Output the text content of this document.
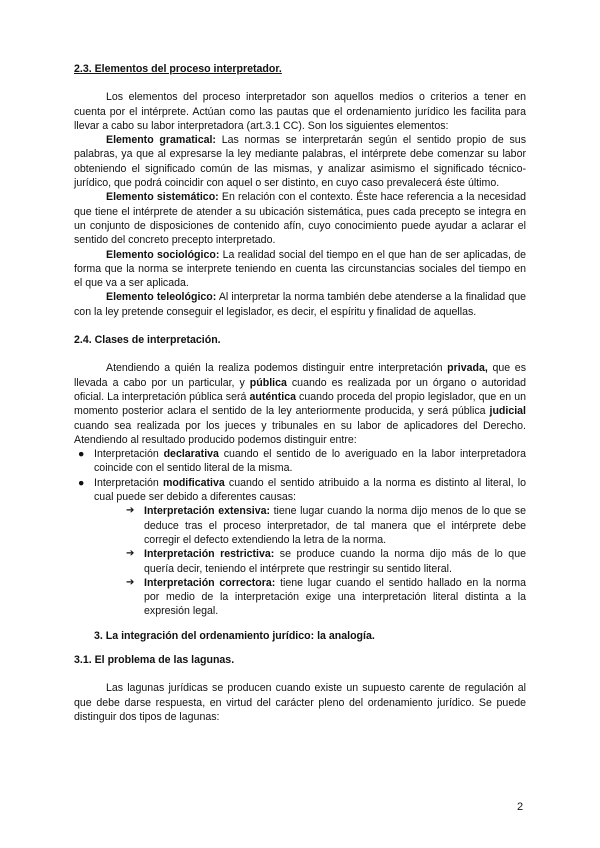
2.3. Elementos del proceso interpretador.

Los elementos del proceso interpretador son aquellos medios o criterios a tener en cuenta por el intérprete. Actúan como las pautas que el ordenamiento jurídico les facilita para llevar a cabo su labor interpretadora (art.3.1 CC). Son los siguientes elementos:

Elemento gramatical: Las normas se interpretarán según el sentido propio de sus palabras, ya que al expresarse la ley mediante palabras, el intérprete debe comenzar su labor obteniendo el significado común de las mismas, y analizar asimismo el significado técnico-jurídico, que podrá coincidir con aquel o ser distinto, en cuyo caso prevalecerá éste último.

Elemento sistemático: En relación con el contexto. Éste hace referencia a la necesidad que tiene el intérprete de atender a su ubicación sistemática, pues cada precepto se integra en un conjunto de disposiciones de contenido afín, cuyo conocimiento puede ayudar a aclarar el sentido del concreto precepto interpretado.

Elemento sociológico: La realidad social del tiempo en el que han de ser aplicadas, de forma que la norma se interprete teniendo en cuenta las circunstancias sociales del tiempo en el que va a ser aplicada.

Elemento teleológico: Al interpretar la norma también debe atenderse a la finalidad que con la ley pretende conseguir el legislador, es decir, el espíritu y finalidad de aquellas.

2.4. Clases de interpretación.

Atendiendo a quién la realiza podemos distinguir entre interpretación privada, que es llevada a cabo por un particular, y pública cuando es realizada por un órgano o autoridad oficial. La interpretación pública será auténtica cuando proceda del propio legislador, que en un momento posterior aclara el sentido de la ley anteriormente producida, y será pública judicial cuando sea realizada por los jueces y tribunales en su labor de aplicadores del Derecho. Atendiendo al resultado producido podemos distinguir entre:

● Interpretación declarativa cuando el sentido de lo averiguado en la labor interpretadora coincide con el sentido literal de la misma.
● Interpretación modificativa cuando el sentido atribuido a la norma es distinto al literal, lo cual puede ser debido a diferentes causas:
➔ Interpretación extensiva: tiene lugar cuando la norma dijo menos de lo que se deduce tras el proceso interpretador, de tal manera que el intérprete debe corregir el defecto extendiendo la letra de la norma.
➔ Interpretación restrictiva: se produce cuando la norma dijo más de lo que quería decir, teniendo el intérprete que restringir su sentido literal.
➔ Interpretación correctora: tiene lugar cuando el sentido hallado en la norma por medio de la interpretación exige una interpretación literal distinta a la expresión legal.

3. La integración del ordenamiento jurídico: la analogía.

3.1. El problema de las lagunas.

Las lagunas jurídicas se producen cuando existe un supuesto carente de regulación al que debe darse respuesta, en virtud del carácter pleno del ordenamiento jurídico. Se puede distinguir dos tipos de lagunas:

2
